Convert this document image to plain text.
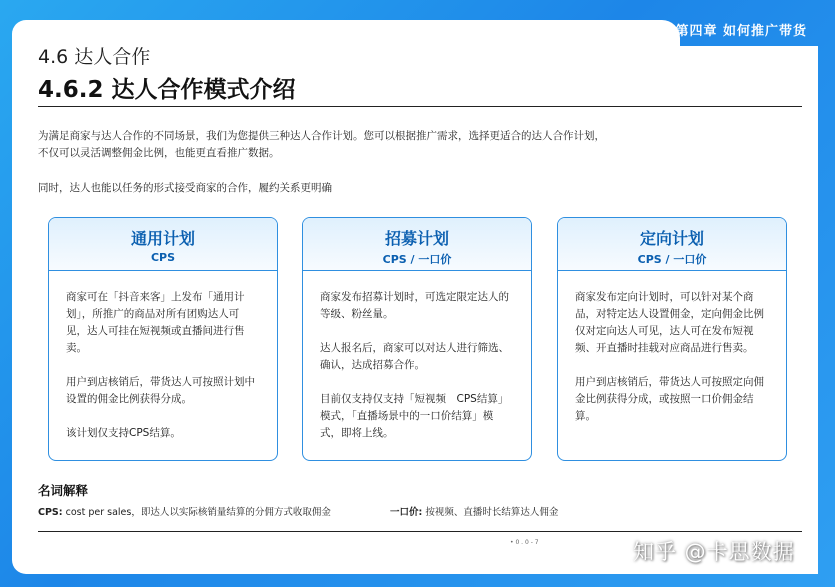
第四章 如何推广带货
4.6 达人合作
4.6.2 达人合作模式介绍

为满足商家与达人合作的不同场景，我们为您提供三种达人合作计划。您可以根据推广需求，选择更适合的达人合作计划，

不仅可以灵活调整佣金比例，也能更直看推广数据。

同时，达人也能以任务的形式接受商家的合作，履约关系更明确

通用计划
CPS

商家可在「抖音来客」上发布「通用计划」，所推广的商品对所有团购达人可见，达人可挂在短视频或直播间进行售卖。

用户到店核销后，带货达人可按照计划中设置的佣金比例获得分成。

该计划仅支持CPS结算。

招募计划
CPS / 一口价

商家发布招募计划时，可选定限定达人的等级、粉丝量。

达人报名后，商家可以对达人进行筛选、确认，达成招募合作。

目前仅支持仅支持「短视频　CPS结算」模式，「直播场景中的一口价结算」模式，即将上线。

定向计划
CPS / 一口价

商家发布定向计划时，可以针对某个商品，对特定达人设置佣金，定向佣金比例仅对定向达人可见，达人可在发布短视频、开直播时挂载对应商品进行售卖。

用户到店核销后，带货达人可按照定向佣金比例获得分成，或按照一口价佣金结算。

名词解释
CPS: cost per sales，即达人以实际核销量结算的分佣方式收取佣金	一口价: 按视频、直播时长结算达人佣金
• 0 . 0 - 7	知乎 @卡思数据
